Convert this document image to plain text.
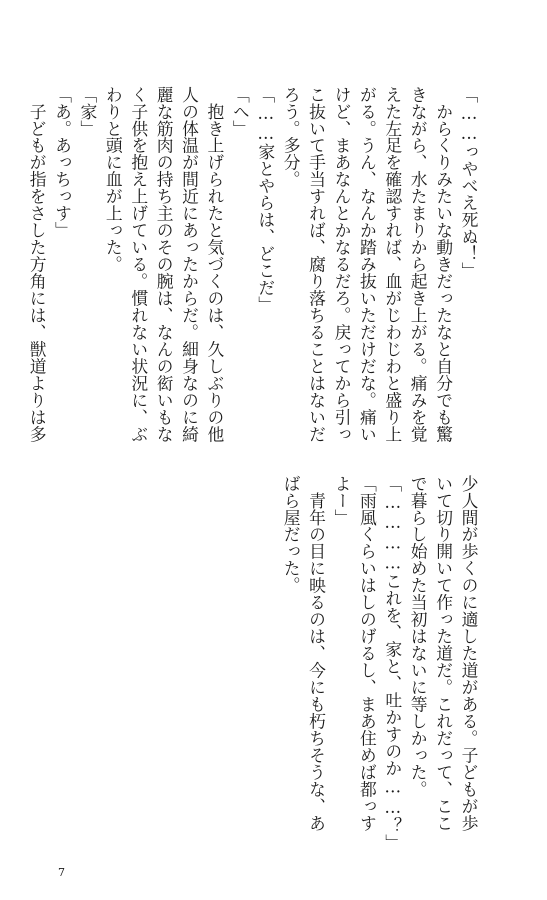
「……っやべえ死ぬ！」
　からくりみたいな動きだったなと自分でも驚
きながら、水たまりから起き上がる。痛みを覚
えた左足を確認すれば、血がじわじわと盛り上
がる。うん、なんか踏み抜いただけだな。痛い
けど、まあなんとかなるだろ。戻ってから引っ
こ抜いて手当すれば、腐り落ちることはないだ
ろう。多分。
「……家とやらは、どこだ」
「へ」
　抱き上げられたと気づくのは、久しぶりの他
人の体温が間近にあったからだ。細身なのに綺
麗な筋肉の持ち主のその腕は、なんの衒いもな
く子供を抱え上げている。慣れない状況に、ぶ
わりと頭に血が上った。
「家」
「あ。あっちっす」
　子どもが指をさした方角には、獣道よりは多
少人間が歩くのに適した道がある。子どもが歩
いて切り開いて作った道だ。これだって、ここ
で暮らし始めた当初はないに等しかった。
「…………これを、家と、吐かすのか……？」
「雨風くらいはしのげるし、まあ住めば都っす
よー」
　青年の目に映るのは、今にも朽ちそうな、あ
ばら屋だった。
7
